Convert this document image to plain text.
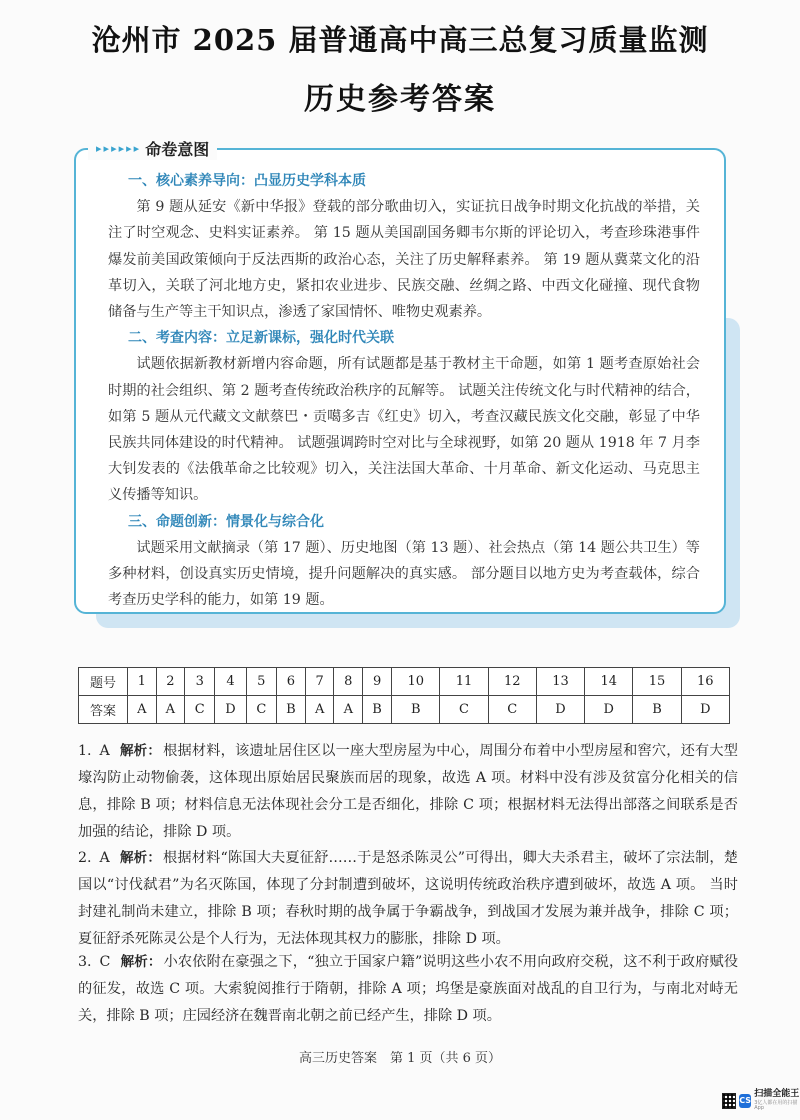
沧州市 2025 届普通高中高三总复习质量监测
历史参考答案
▸ ▸ ▸ ▸ ▸ ▸ 命卷意图
一、核心素养导向：凸显历史学科本质
第 9 题从延安《新中华报》登载的部分歌曲切入，实证抗日战争时期文化抗战的举措，关注了时空观念、史料实证素养。 第 15 题从美国副国务卿韦尔斯的评论切入，考查珍珠港事件爆发前美国政策倾向于反法西斯的政治心态，关注了历史解释素养。 第 19 题从冀菜文化的沿革切入，关联了河北地方史，紧扣农业进步、民族交融、丝绸之路、中西文化碰撞、现代食物储备与生产等主干知识点，渗透了家国情怀、唯物史观素养。
二、考查内容：立足新课标，强化时代关联
试题依据新教材新增内容命题，所有试题都是基于教材主干命题，如第 1 题考查原始社会时期的社会组织、第 2 题考查传统政治秩序的瓦解等。 试题关注传统文化与时代精神的结合，如第 5 题从元代藏文文献蔡巴・贡噶多吉《红史》切入，考查汉藏民族文化交融，彰显了中华民族共同体建设的时代精神。 试题强调跨时空对比与全球视野，如第 20 题从 1918 年 7 月李大钊发表的《法俄革命之比较观》切入，关注法国大革命、十月革命、新文化运动、马克思主义传播等知识。
三、命题创新：情景化与综合化
试题采用文献摘录（第 17 题）、历史地图（第 13 题）、社会热点（第 14 题公共卫生）等多种材料，创设真实历史情境，提升问题解决的真实感。 部分题目以地方史为考查载体，综合考查历史学科的能力，如第 19 题。
题号	1	2	3	4	5	6	7	8	9	10	11	12	13	14	15	16
答案	A	A	C	D	C	B	A	A	B	B	C	C	D	D	B	D
1. A 解析： 根据材料，该遗址居住区以一座大型房屋为中心，周围分布着中小型房屋和窖穴，还有大型壕沟防止动物偷袭，这体现出原始居民聚族而居的现象，故选 A 项。材料中没有涉及贫富分化相关的信息，排除 B 项；材料信息无法体现社会分工是否细化，排除 C 项；根据材料无法得出部落之间联系是否加强的结论，排除 D 项。
2. A 解析： 根据材料“陈国大夫夏征舒……于是怒杀陈灵公”可得出，卿大夫杀君主，破坏了宗法制，楚国以“讨伐弑君”为名灭陈国，体现了分封制遭到破坏，这说明传统政治秩序遭到破坏，故选 A 项。 当时封建礼制尚未建立，排除 B 项；春秋时期的战争属于争霸战争，到战国才发展为兼并战争，排除 C 项；夏征舒杀死陈灵公是个人行为，无法体现其权力的膨胀，排除 D 项。
3. C 解析： 小农依附在豪强之下，“独立于国家户籍”说明这些小农不用向政府交税，这不利于政府赋役的征发，故选 C 项。大索貌阅推行于隋朝，排除 A 项；坞堡是豪族面对战乱的自卫行为，与南北对峙无关，排除 B 项；庄园经济在魏晋南北朝之前已经产生，排除 D 项。
高三历史答案　第 1 页（共 6 页）
CS
扫描全能王
3亿人都在用的扫描App
